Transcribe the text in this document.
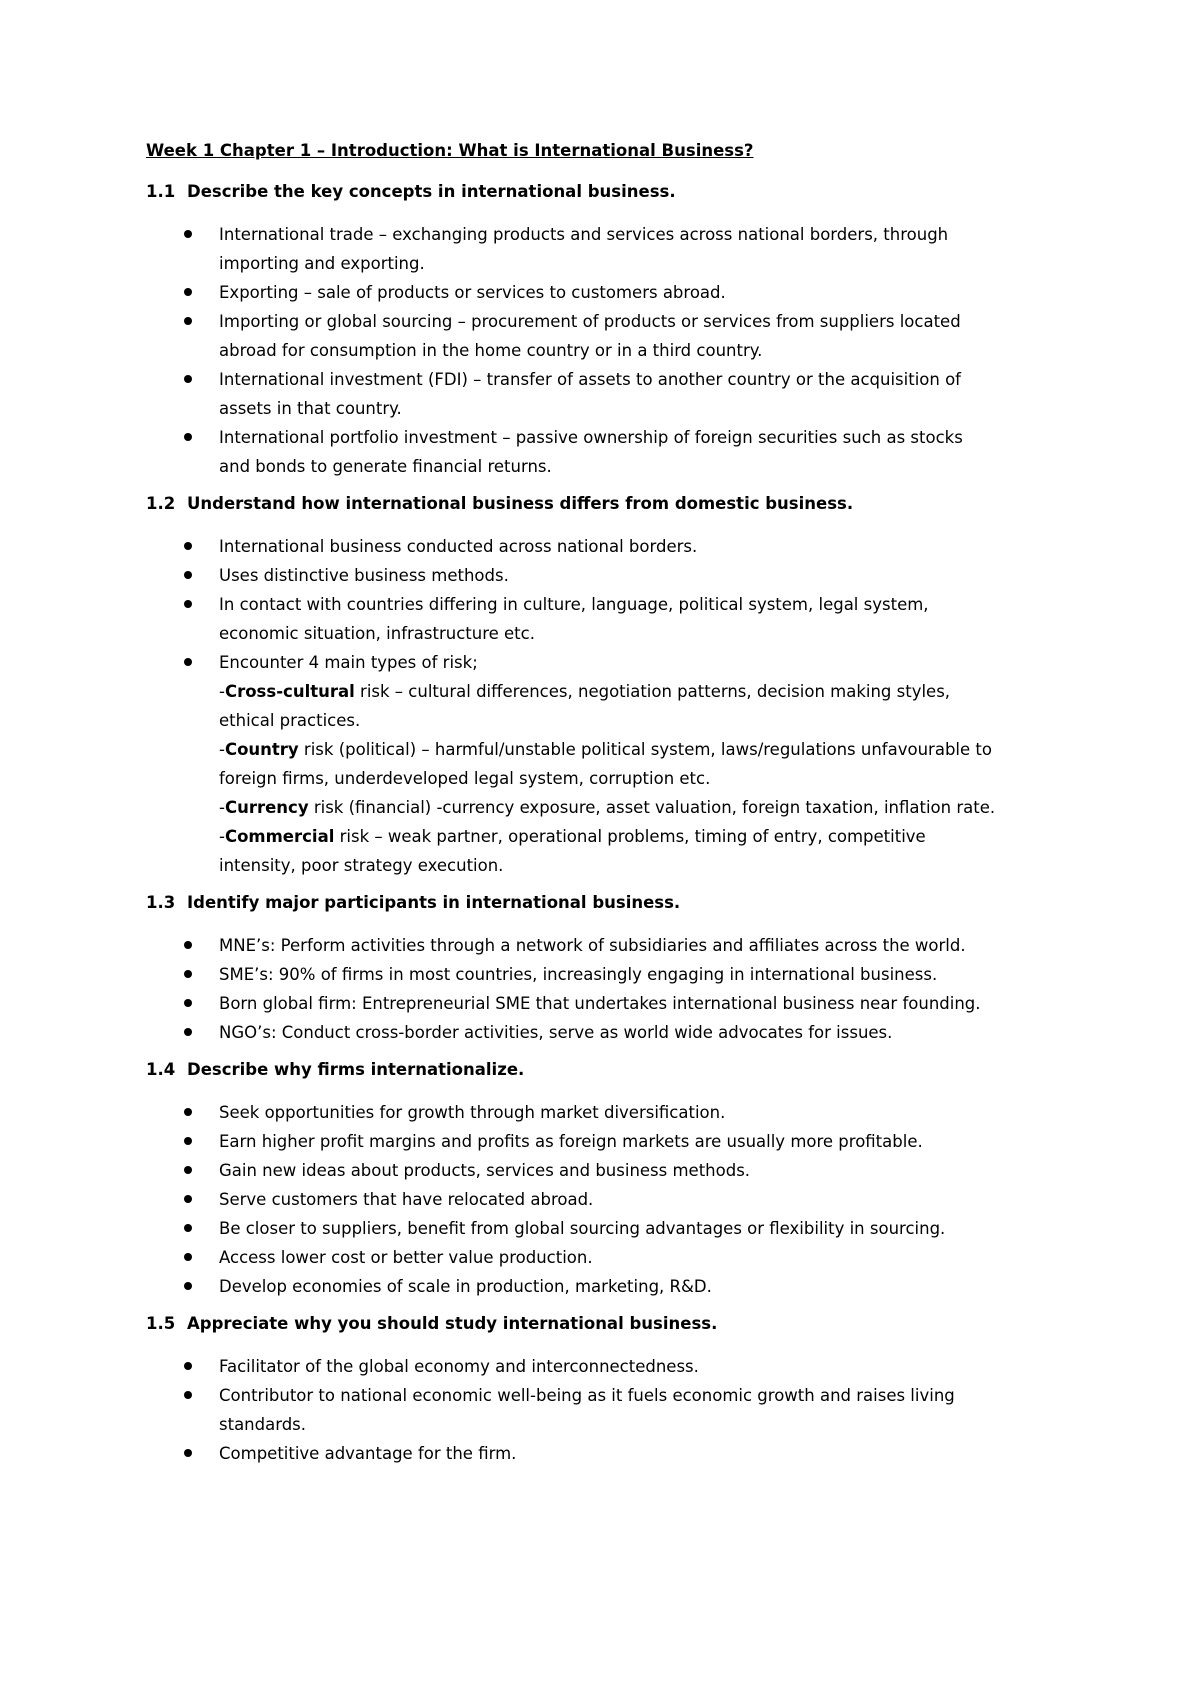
Week 1 Chapter 1 – Introduction: What is International Business?
1.1 Describe the key concepts in international business.
International trade – exchanging products and services across national borders, through
importing and exporting.
Exporting – sale of products or services to customers abroad.
Importing or global sourcing – procurement of products or services from suppliers located
abroad for consumption in the home country or in a third country.
International investment (FDI) – transfer of assets to another country or the acquisition of
assets in that country.
International portfolio investment – passive ownership of foreign securities such as stocks
and bonds to generate financial returns.
1.2 Understand how international business differs from domestic business.
International business conducted across national borders.
Uses distinctive business methods.
In contact with countries differing in culture, language, political system, legal system,
economic situation, infrastructure etc.
Encounter 4 main types of risk;
-Cross-cultural risk – cultural differences, negotiation patterns, decision making styles,
ethical practices.
-Country risk (political) – harmful/unstable political system, laws/regulations unfavourable to
foreign firms, underdeveloped legal system, corruption etc.
-Currency risk (financial) -currency exposure, asset valuation, foreign taxation, inflation rate.
-Commercial risk – weak partner, operational problems, timing of entry, competitive
intensity, poor strategy execution.
1.3 Identify major participants in international business.
MNE’s: Perform activities through a network of subsidiaries and affiliates across the world.
SME’s: 90% of firms in most countries, increasingly engaging in international business.
Born global firm: Entrepreneurial SME that undertakes international business near founding.
NGO’s: Conduct cross-border activities, serve as world wide advocates for issues.
1.4 Describe why firms internationalize.
Seek opportunities for growth through market diversification.
Earn higher profit margins and profits as foreign markets are usually more profitable.
Gain new ideas about products, services and business methods.
Serve customers that have relocated abroad.
Be closer to suppliers, benefit from global sourcing advantages or flexibility in sourcing.
Access lower cost or better value production.
Develop economies of scale in production, marketing, R&D.
1.5 Appreciate why you should study international business.
Facilitator of the global economy and interconnectedness.
Contributor to national economic well-being as it fuels economic growth and raises living
standards.
Competitive advantage for the firm.
